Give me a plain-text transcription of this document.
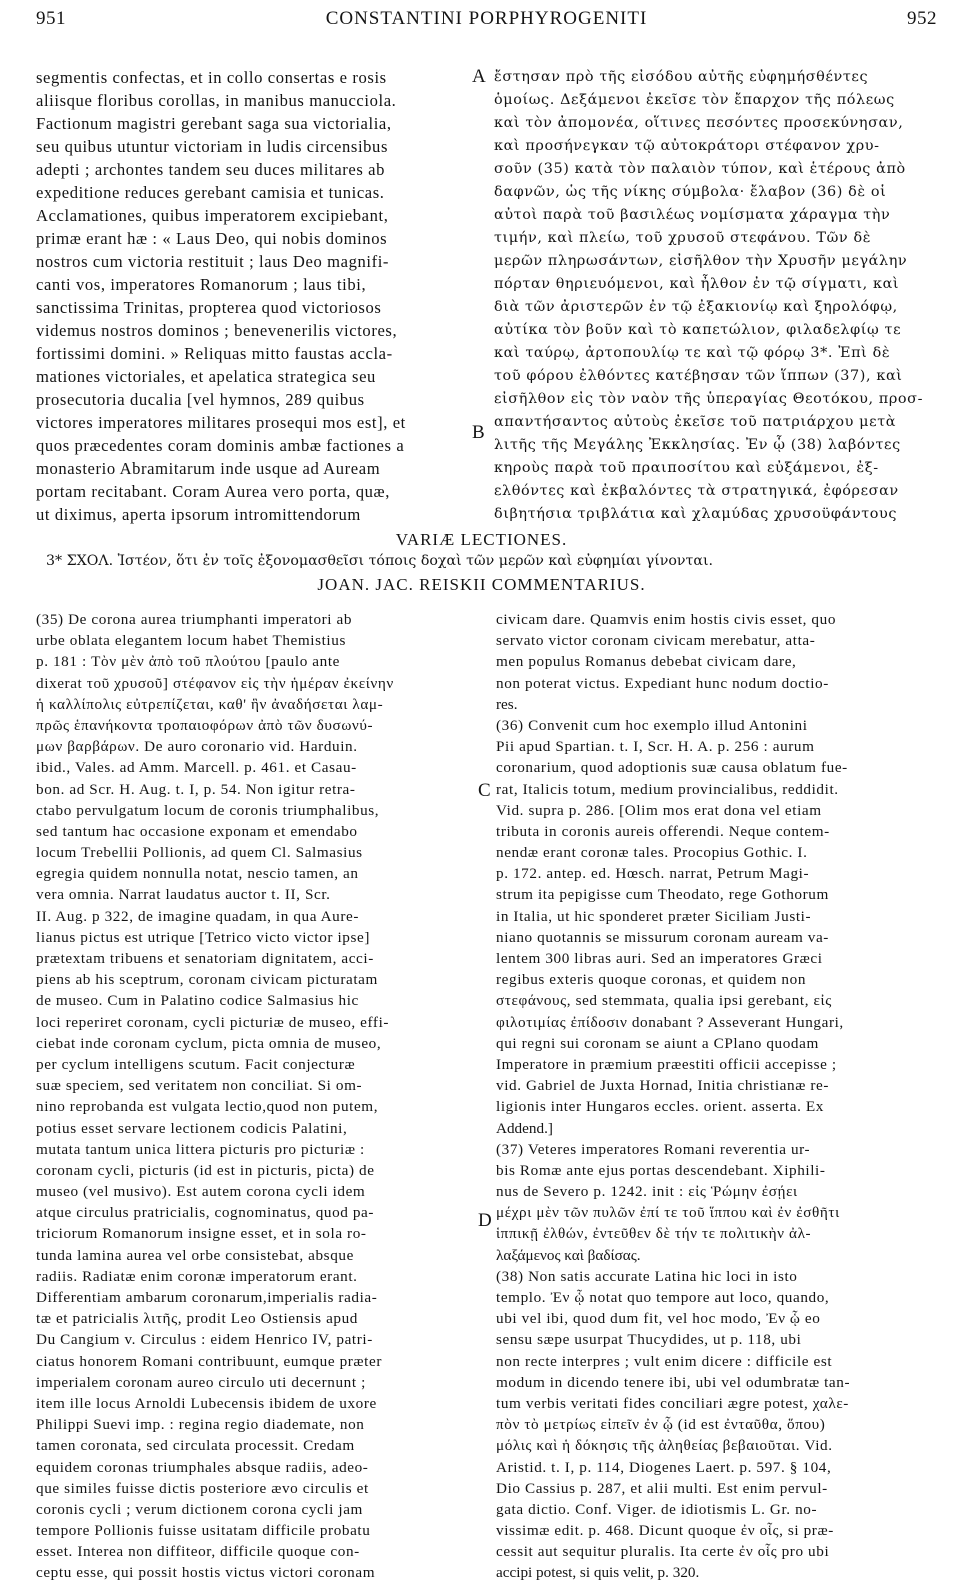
951	CONSTANTINI PORPHYROGENITI	952
segmentis confectas, et in collo consertas e rosis
aliisque floribus corollas, in manibus manucciola.
Factionum magistri gerebant saga sua victorialia,
seu quibus utuntur victoriam in ludis circensibus
adepti ; archontes tandem seu duces militares ab
expeditione reduces gerebant camisia et tunicas.
Acclamationes, quibus imperatorem excipiebant,
primæ erant hæ : « Laus Deo, qui nobis dominos
nostros cum victoria restituit ; laus Deo magnifi-
canti vos, imperatores Romanorum ; laus tibi,
sanctissima Trinitas, propterea quod victoriosos
videmus nostros dominos ; benevenerilis victores,
fortissimi domini. » Reliquas mitto faustas accla-
mationes victoriales, et apelatica strategica seu
prosecutoria ducalia [vel hymnos, 289 quibus
victores imperatores militares prosequi mos est], et
quos præcedentes coram dominis ambæ factiones a
monasterio Abramitarum inde usque ad Auream
portam recitabant. Coram Aurea vero porta, quæ,
ut diximus, aperta ipsorum intromittendorum
ἔστησαν πρὸ τῆς εἰσόδου αὐτῆς εὐφημήσθέντες
ὁμοίως. Δεξάμενοι ἐκεῖσε τὸν ἔπαρχον τῆς πόλεως
καὶ τὸν ἀπομονέα, οἵτινες πεσόντες προσεκύνησαν,
καὶ προσήνεγκαν τῷ αὐτοκράτορι στέφανον χρυ-
σοῦν (35) κατὰ τὸν παλαιὸν τύπον, καὶ ἑτέρους ἀπὸ
δαφνῶν, ὡς τῆς νίκης σύμβολα· ἔλαβον (36) δὲ οἱ
αὐτοὶ παρὰ τοῦ βασιλέως νομίσματα χάραγμα τὴν
τιμήν, καὶ πλείω, τοῦ χρυσοῦ στεφάνου. Τῶν δὲ
μερῶν πληρωσάντων, εἰσῆλθον τὴν Χρυσῆν μεγάλην
πόρταν θηριευόμενοι, καὶ ἦλθον ἐν τῷ σίγματι, καὶ
διὰ τῶν ἀριστερῶν ἐν τῷ ἐξακιονίῳ καὶ ξηρολόφῳ,
αὐτίκα τὸν βοῦν καὶ τὸ καπετώλιον, φιλαδελφίῳ τε
καὶ ταύρῳ, ἀρτοπουλίῳ τε καὶ τῷ φόρῳ 3*. Ἐπὶ δὲ
τοῦ φόρου ἐλθόντες κατέβησαν τῶν ἵππων (37), καὶ
εἰσῆλθον εἰς τὸν ναὸν τῆς ὑπεραγίας Θεοτόκου, προσ-
απαντήσαντος αὐτοὺς ἐκεῖσε τοῦ πατριάρχου μετὰ
λιτῆς τῆς Μεγάλης Ἐκκλησίας. Ἐν ᾧ (38) λαβόντες
κηροὺς παρὰ τοῦ πραιποσίτου καὶ εὐξάμενοι, ἐξ-
ελθόντες καὶ ἐκβαλόντες τὰ στρατηγικά, ἐφόρεσαν
διβητήσια τριβλάτια καὶ χλαμύδας χρυσοϋφάντους
A
B
C
D
VARIÆ LECTIONES.
3* ΣΧΟΛ. Ἰστέον, ὅτι ἐν τοῖς ἐξονομασθεῖσι τόποις δοχαὶ τῶν μερῶν καὶ εὐφημίαι γίνονται.
JOAN. JAC. REISKII COMMENTARIUS.
(35) De corona aurea triumphanti imperatori ab
urbe oblata elegantem locum habet Themistius
p. 181 : Τὸν μὲν ἀπὸ τοῦ πλούτου [paulo ante
dixerat τοῦ χρυσοῦ] στέφανον εἰς τὴν ἡμέραν ἐκείνην
ἡ καλλίπολις εὐτρεπίζεται, καθ' ἣν ἀναδήσεται λαμ-
πρῶς ἑπανήκοντα τροπαιοφόρων ἀπὸ τῶν δυσωνύ-
μων βαρβάρων. De auro coronario vid. Harduin.
ibid., Vales. ad Amm. Marcell. p. 461. et Casau-
bon. ad Scr. H. Aug. t. I, p. 54. Non igitur retra-
ctabo pervulgatum locum de coronis triumphalibus,
sed tantum hac occasione exponam et emendabo
locum Trebellii Pollionis, ad quem Cl. Salmasius
egregia quidem nonnulla notat, nescio tamen, an
vera omnia. Narrat laudatus auctor t. II, Scr.
II. Aug. p 322, de imagine quadam, in qua Aure-
lianus pictus est utrique [Tetrico victo victor ipse]
prætextam tribuens et senatoriam dignitatem, acci-
piens ab his sceptrum, coronam civicam picturatam
de museo. Cum in Palatino codice Salmasius hic
loci reperiret coronam, cycli picturiæ de museo, effi-
ciebat inde coronam cyclum, picta omnia de museo,
per cyclum intelligens scutum. Facit conjecturæ
suæ speciem, sed veritatem non conciliat. Si om-
nino reprobanda est vulgata lectio,quod non putem,
potius esset servare lectionem codicis Palatini,
mutata tantum unica littera picturis pro picturiæ :
coronam cycli, picturis (id est in picturis, picta) de
museo (vel musivo). Est autem corona cycli idem
atque circulus pratricialis, cognominatus, quod pa-
triciorum Romanorum insigne esset, et in sola ro-
tunda lamina aurea vel orbe consistebat, absque
radiis. Radiatæ enim coronæ imperatorum erant.
Differentiam ambarum coronarum,imperialis radia-
tæ et patricialis λιτῆς, prodit Leo Ostiensis apud
Du Cangium v. Circulus : eidem Henrico IV, patri-
ciatus honorem Romani contribuunt, eumque præter
imperialem coronam aureo circulo uti decernunt ;
item ille locus Arnoldi Lubecensis ibidem de uxore
Philippi Suevi imp. : regina regio diademate, non
tamen coronata, sed circulata processit. Credam
equidem coronas triumphales absque radiis, adeo-
que similes fuisse dictis posteriore ævo circulis et
coronis cycli ; verum dictionem corona cycli jam
tempore Pollionis fuisse usitatam difficile probatu
esset. Interea non diffiteor, difficile quoque con-
ceptu esse, qui possit hostis victus victori coronam
civicam dare. Quamvis enim hostis civis esset, quo
servato victor coronam civicam merebatur, atta-
men populus Romanus debebat civicam dare,
non poterat victus. Expediant hunc nodum doctio-
res.
(36) Convenit cum hoc exemplo illud Antonini
Pii apud Spartian. t. I, Scr. H. A. p. 256 : aurum
coronarium, quod adoptionis suæ causa oblatum fue-
rat, Italicis totum, medium provincialibus, reddidit.
Vid. supra p. 286. [Olim mos erat dona vel etiam
tributa in coronis aureis offerendi. Neque contem-
nendæ erant coronæ tales. Procopius Gothic. I.
p. 172. antep. ed. Hœsch. narrat, Petrum Magi-
strum ita pepigisse cum Theodato, rege Gothorum
in Italia, ut hic sponderet præter Siciliam Justi-
niano quotannis se missurum coronam auream va-
lentem 300 libras auri. Sed an imperatores Græci
regibus exteris quoque coronas, et quidem non
στεφάνους, sed stemmata, qualia ipsi gerebant, εἰς
φιλοτιμίας ἐπίδοσιν donabant ? Asseverant Hungari,
qui regni sui coronam se aiunt a CPlano quodam
Imperatore in præmium præestiti officii accepisse ;
vid. Gabriel de Juxta Hornad, Initia christianæ re-
ligionis inter Hungaros eccles. orient. asserta. Ex
Addend.]
(37) Veteres imperatores Romani reverentia ur-
bis Romæ ante ejus portas descendebant. Xiphili-
nus de Severo p. 1242. init : εἰς Ῥώμην ἐσῄει
μέχρι μὲν τῶν πυλῶν ἐπί τε τοῦ ἵππου καὶ ἐν ἐσθῆτι
ἱππικῇ ἐλθών, ἐντεῦθεν δὲ τήν τε πολιτικὴν ἀλ-
λαξάμενος καὶ βαδίσας.
(38) Non satis accurate Latina hic loci in isto
templo. Ἐν ᾧ notat quo tempore aut loco, quando,
ubi vel ibi, quod dum fit, vel hoc modo, Ἐν ᾧ eo
sensu sæpe usurpat Thucydides, ut p. 118, ubi
non recte interpres ; vult enim dicere : difficile est
modum in dicendo tenere ibi, ubi vel odumbratæ tan-
tum verbis veritati fides conciliari ægre potest, χαλε-
πὸν τὸ μετρίως εἰπεῖν ἐν ᾧ (id est ἐνταῦθα, ὅπου)
μόλις καὶ ἡ δόκησις τῆς ἀληθείας βεβαιοῦται. Vid.
Aristid. t. I, p. 114, Diogenes Laert. p. 597. § 104,
Dio Cassius p. 287, et alii multi. Est enim pervul-
gata dictio. Conf. Viger. de idiotismis L. Gr. no-
vissimæ edit. p. 468. Dicunt quoque ἐν οἷς, si præ-
cessit aut sequitur pluralis. Ita certe ἐν οἷς pro ubi
accipi potest, si quis velit, p. 320.
